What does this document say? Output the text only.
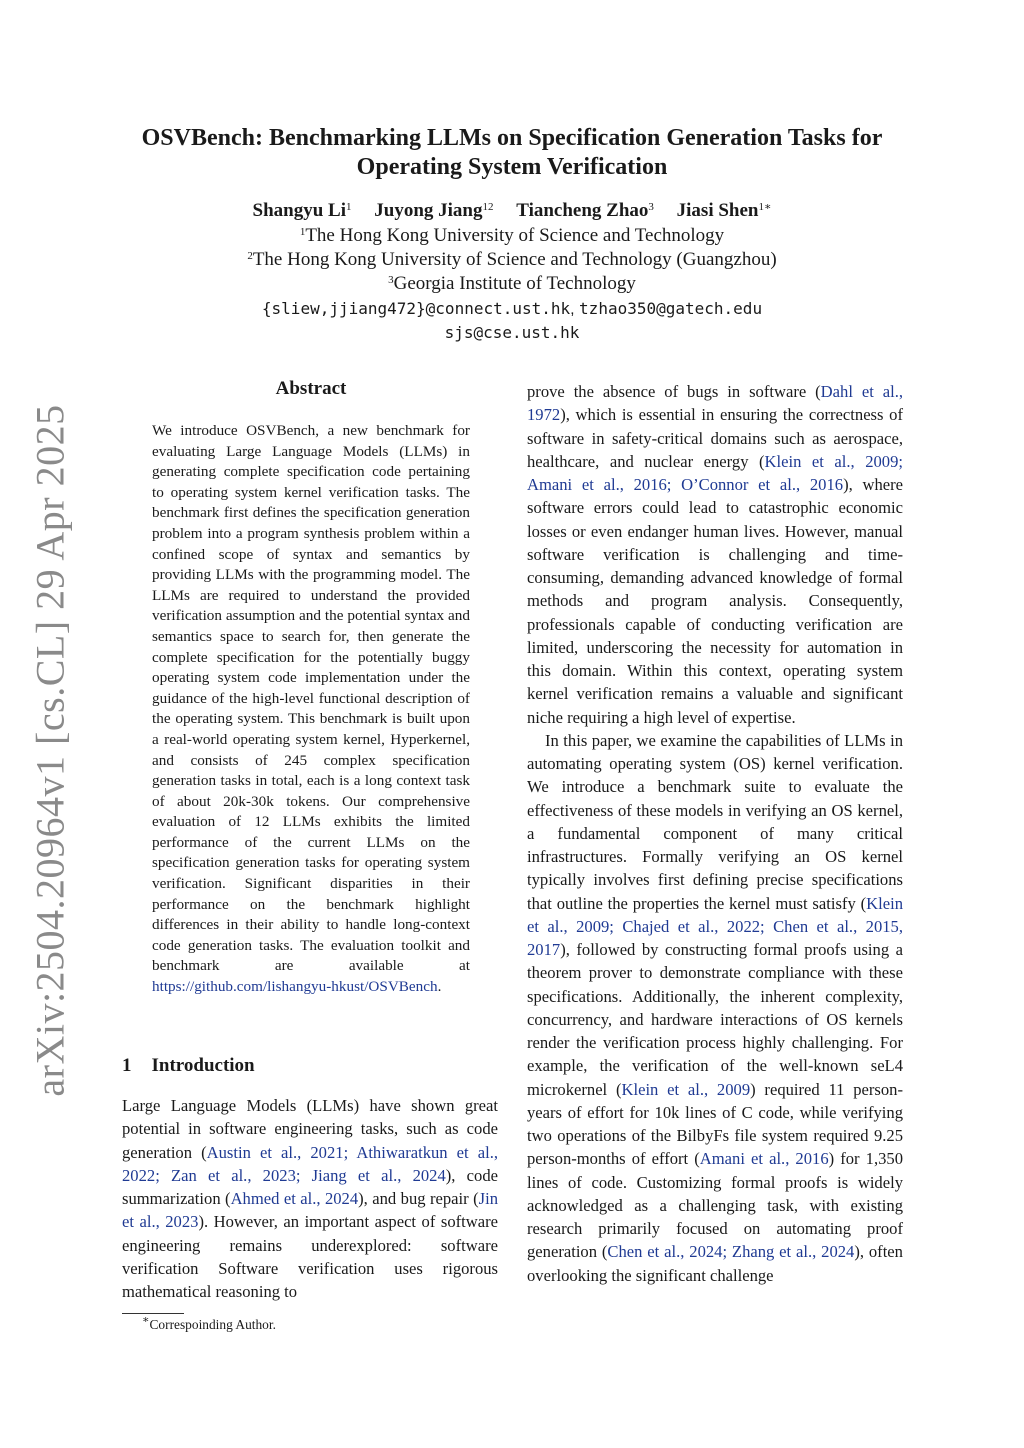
arXiv:2504.20964v1 [cs.CL] 29 Apr 2025
OSVBench: Benchmarking LLMs on Specification Generation Tasks for
Operating System Verification
Shangyu Li$^1$ Juyong Jiang$^{12}$ Tiancheng Zhao$^3$ Jiasi Shen$^{1∗}$
$^1$The Hong Kong University of Science and Technology
$^2$The Hong Kong University of Science and Technology (Guangzhou)
$^3$Georgia Institute of Technology
{sliew,jjiang472}@connect.ust.hk, tzhao350@gatech.edu
sjs@cse.ust.hk
Abstract
We introduce OSVBench, a new benchmark for evaluating Large Language Models (LLMs) in generating complete specification code pertaining to operating system kernel verification tasks. The benchmark first defines the specification generation problem into a program synthesis problem within a confined scope of syntax and semantics by providing LLMs with the programming model. The LLMs are required to understand the provided verification assumption and the potential syntax and semantics space to search for, then generate the complete specification for the potentially buggy operating system code implementation under the guidance of the high-level functional description of the operating system. This benchmark is built upon a real-world operating system kernel, Hyperkernel, and consists of 245 complex specification generation tasks in total, each is a long context task of about 20k-30k tokens. Our comprehensive evaluation of 12 LLMs exhibits the limited performance of the current LLMs on the specification generation tasks for operating system verification. Significant disparities in their performance on the benchmark highlight differences in their ability to handle long-context code generation tasks. The evaluation toolkit and benchmark are available at https://github.com/lishangyu-hkust/OSVBench.
1 Introduction
Large Language Models (LLMs) have shown great potential in software engineering tasks, such as code generation (Austin et al., 2021; Athiwaratkun et al., 2022; Zan et al., 2023; Jiang et al., 2024), code summarization (Ahmed et al., 2024), and bug repair (Jin et al., 2023). However, an important aspect of software engineering remains underexplored: software verification Software verification uses rigorous mathematical reasoning to

prove the absence of bugs in software (Dahl et al., 1972), which is essential in ensuring the correctness of software in safety-critical domains such as aerospace, healthcare, and nuclear energy (Klein et al., 2009; Amani et al., 2016; O’Connor et al., 2016), where software errors could lead to catastrophic economic losses or even endanger human lives. However, manual software verification is challenging and time-consuming, demanding advanced knowledge of formal methods and program analysis. Consequently, professionals capable of conducting verification are limited, underscoring the necessity for automation in this domain. Within this context, operating system kernel verification remains a valuable and significant niche requiring a high level of expertise.

In this paper, we examine the capabilities of LLMs in automating operating system (OS) kernel verification. We introduce a benchmark suite to evaluate the effectiveness of these models in verifying an OS kernel, a fundamental component of many critical infrastructures. Formally verifying an OS kernel typically involves first defining precise specifications that outline the properties the kernel must satisfy (Klein et al., 2009; Chajed et al., 2022; Chen et al., 2015, 2017), followed by constructing formal proofs using a theorem prover to demonstrate compliance with these specifications. Additionally, the inherent complexity, concurrency, and hardware interactions of OS kernels render the verification process highly challenging. For example, the verification of the well-known seL4 microkernel (Klein et al., 2009) required 11 person-years of effort for 10k lines of C code, while verifying two operations of the BilbyFs file system required 9.25 person-months of effort (Amani et al., 2016) for 1,350 lines of code. Customizing formal proofs is widely acknowledged as a challenging task, with existing research primarily focused on automating proof generation (Chen et al., 2024; Zhang et al., 2024), often overlooking the significant challenge

∗Correspoinding Author.
